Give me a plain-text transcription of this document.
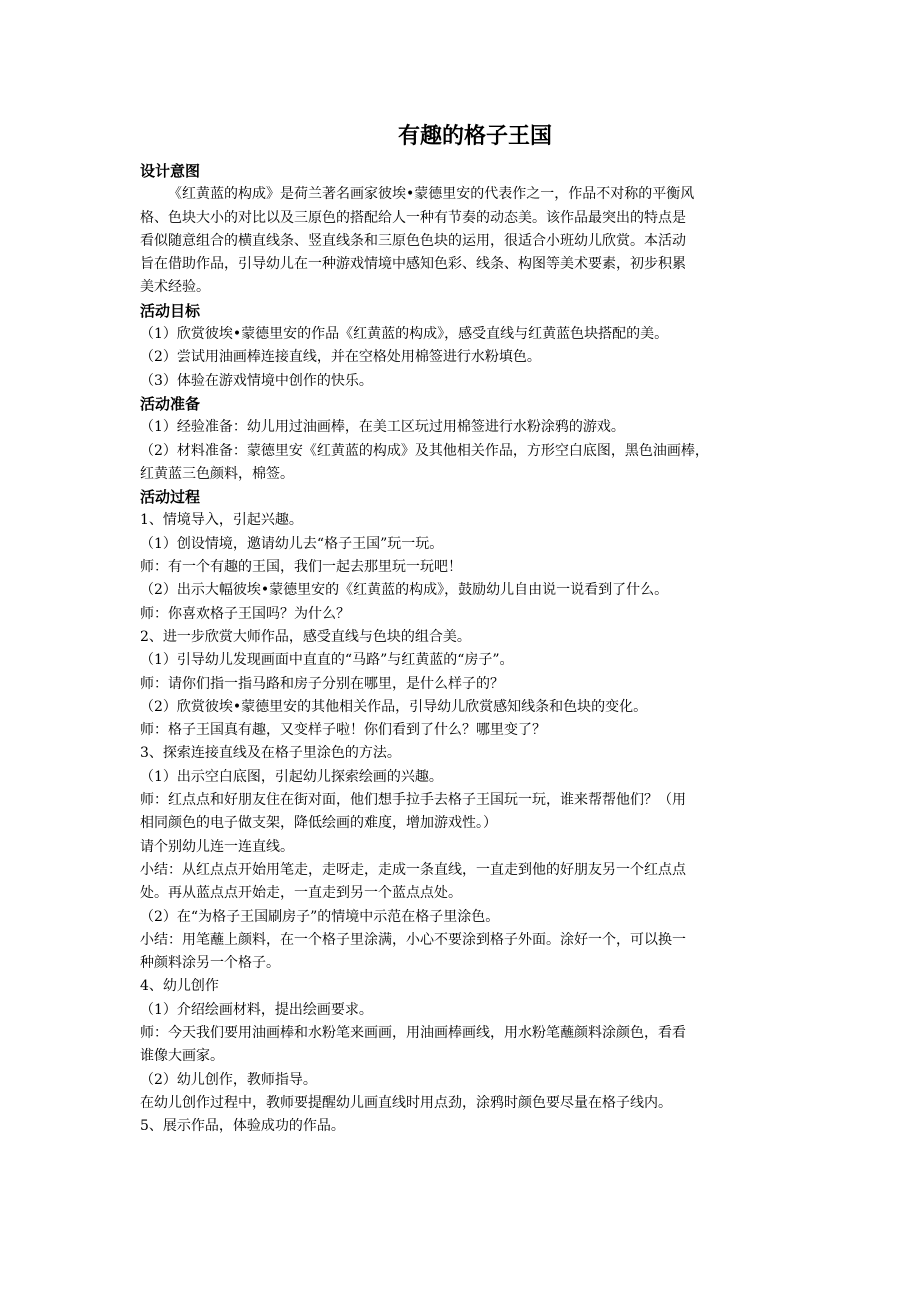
有趣的格子王国
设计意图
《红黄蓝的构成》是荷兰著名画家彼埃•蒙德里安的代表作之一，作品不对称的平衡风
格、色块大小的对比以及三原色的搭配给人一种有节奏的动态美。该作品最突出的特点是
看似随意组合的横直线条、竖直线条和三原色色块的运用，很适合小班幼儿欣赏。本活动
旨在借助作品，引导幼儿在一种游戏情境中感知色彩、线条、构图等美术要素，初步积累
美术经验。
活动目标
（1）欣赏彼埃•蒙德里安的作品《红黄蓝的构成》，感受直线与红黄蓝色块搭配的美。
（2）尝试用油画棒连接直线，并在空格处用棉签进行水粉填色。
（3）体验在游戏情境中创作的快乐。
活动准备
（1）经验准备：幼儿用过油画棒，在美工区玩过用棉签进行水粉涂鸦的游戏。
（2）材料准备：蒙德里安《红黄蓝的构成》及其他相关作品，方形空白底图，黑色油画棒，
红黄蓝三色颜料，棉签。
活动过程
1、情境导入，引起兴趣。
（1）创设情境，邀请幼儿去“格子王国”玩一玩。
师：有一个有趣的王国，我们一起去那里玩一玩吧！
（2）出示大幅彼埃•蒙德里安的《红黄蓝的构成》，鼓励幼儿自由说一说看到了什么。
师：你喜欢格子王国吗？为什么？
2、进一步欣赏大师作品，感受直线与色块的组合美。
（1）引导幼儿发现画面中直直的“马路”与红黄蓝的“房子”。
师：请你们指一指马路和房子分别在哪里，是什么样子的？
（2）欣赏彼埃•蒙德里安的其他相关作品，引导幼儿欣赏感知线条和色块的变化。
师：格子王国真有趣，又变样子啦！你们看到了什么？哪里变了？
3、探索连接直线及在格子里涂色的方法。
（1）出示空白底图，引起幼儿探索绘画的兴趣。
师：红点点和好朋友住在街对面，他们想手拉手去格子王国玩一玩，谁来帮帮他们？（用
相同颜色的电子做支架，降低绘画的难度，增加游戏性。）
请个别幼儿连一连直线。
小结：从红点点开始用笔走，走呀走，走成一条直线，一直走到他的好朋友另一个红点点
处。再从蓝点点开始走，一直走到另一个蓝点点处。
（2）在“为格子王国刷房子”的情境中示范在格子里涂色。
小结：用笔蘸上颜料，在一个格子里涂满，小心不要涂到格子外面。涂好一个，可以换一
种颜料涂另一个格子。
4、幼儿创作
（1）介绍绘画材料，提出绘画要求。
师：今天我们要用油画棒和水粉笔来画画，用油画棒画线，用水粉笔蘸颜料涂颜色，看看
谁像大画家。
（2）幼儿创作，教师指导。
在幼儿创作过程中，教师要提醒幼儿画直线时用点劲，涂鸦时颜色要尽量在格子线内。
5、展示作品，体验成功的作品。
